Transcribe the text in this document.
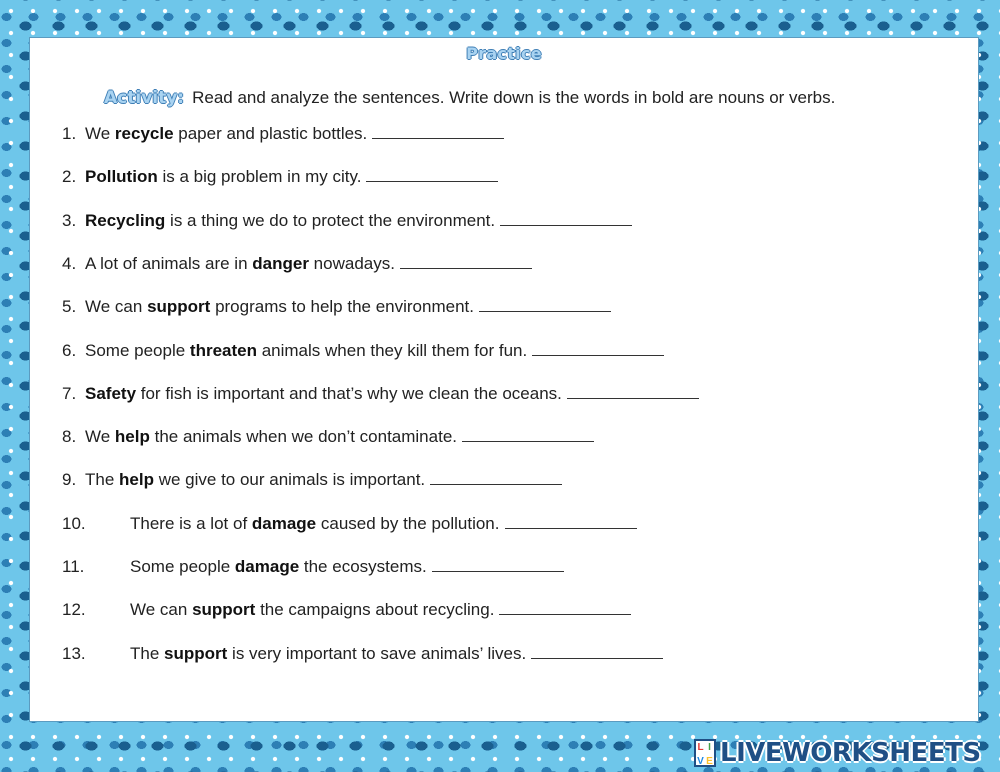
Practice
Activity: Read and analyze the sentences. Write down is the words in bold are nouns or verbs.
1. We recycle paper and plastic bottles.
2. Pollution is a big problem in my city.
3. Recycling is a thing we do to protect the environment.
4. A lot of animals are in danger nowadays.
5. We can support programs to help the environment.
6. Some people threaten animals when they kill them for fun.
7. Safety for fish is important and that’s why we clean the oceans.
8. We help the animals when we don’t contaminate.
9. The help we give to our animals is important.
10.	There is a lot of damage caused by the pollution.
11.	Some people damage the ecosystems.
12.	We can support the campaigns about recycling.
13.	The support is very important to save animals’ lives.
L I
V E LIVEWORKSHEETS
